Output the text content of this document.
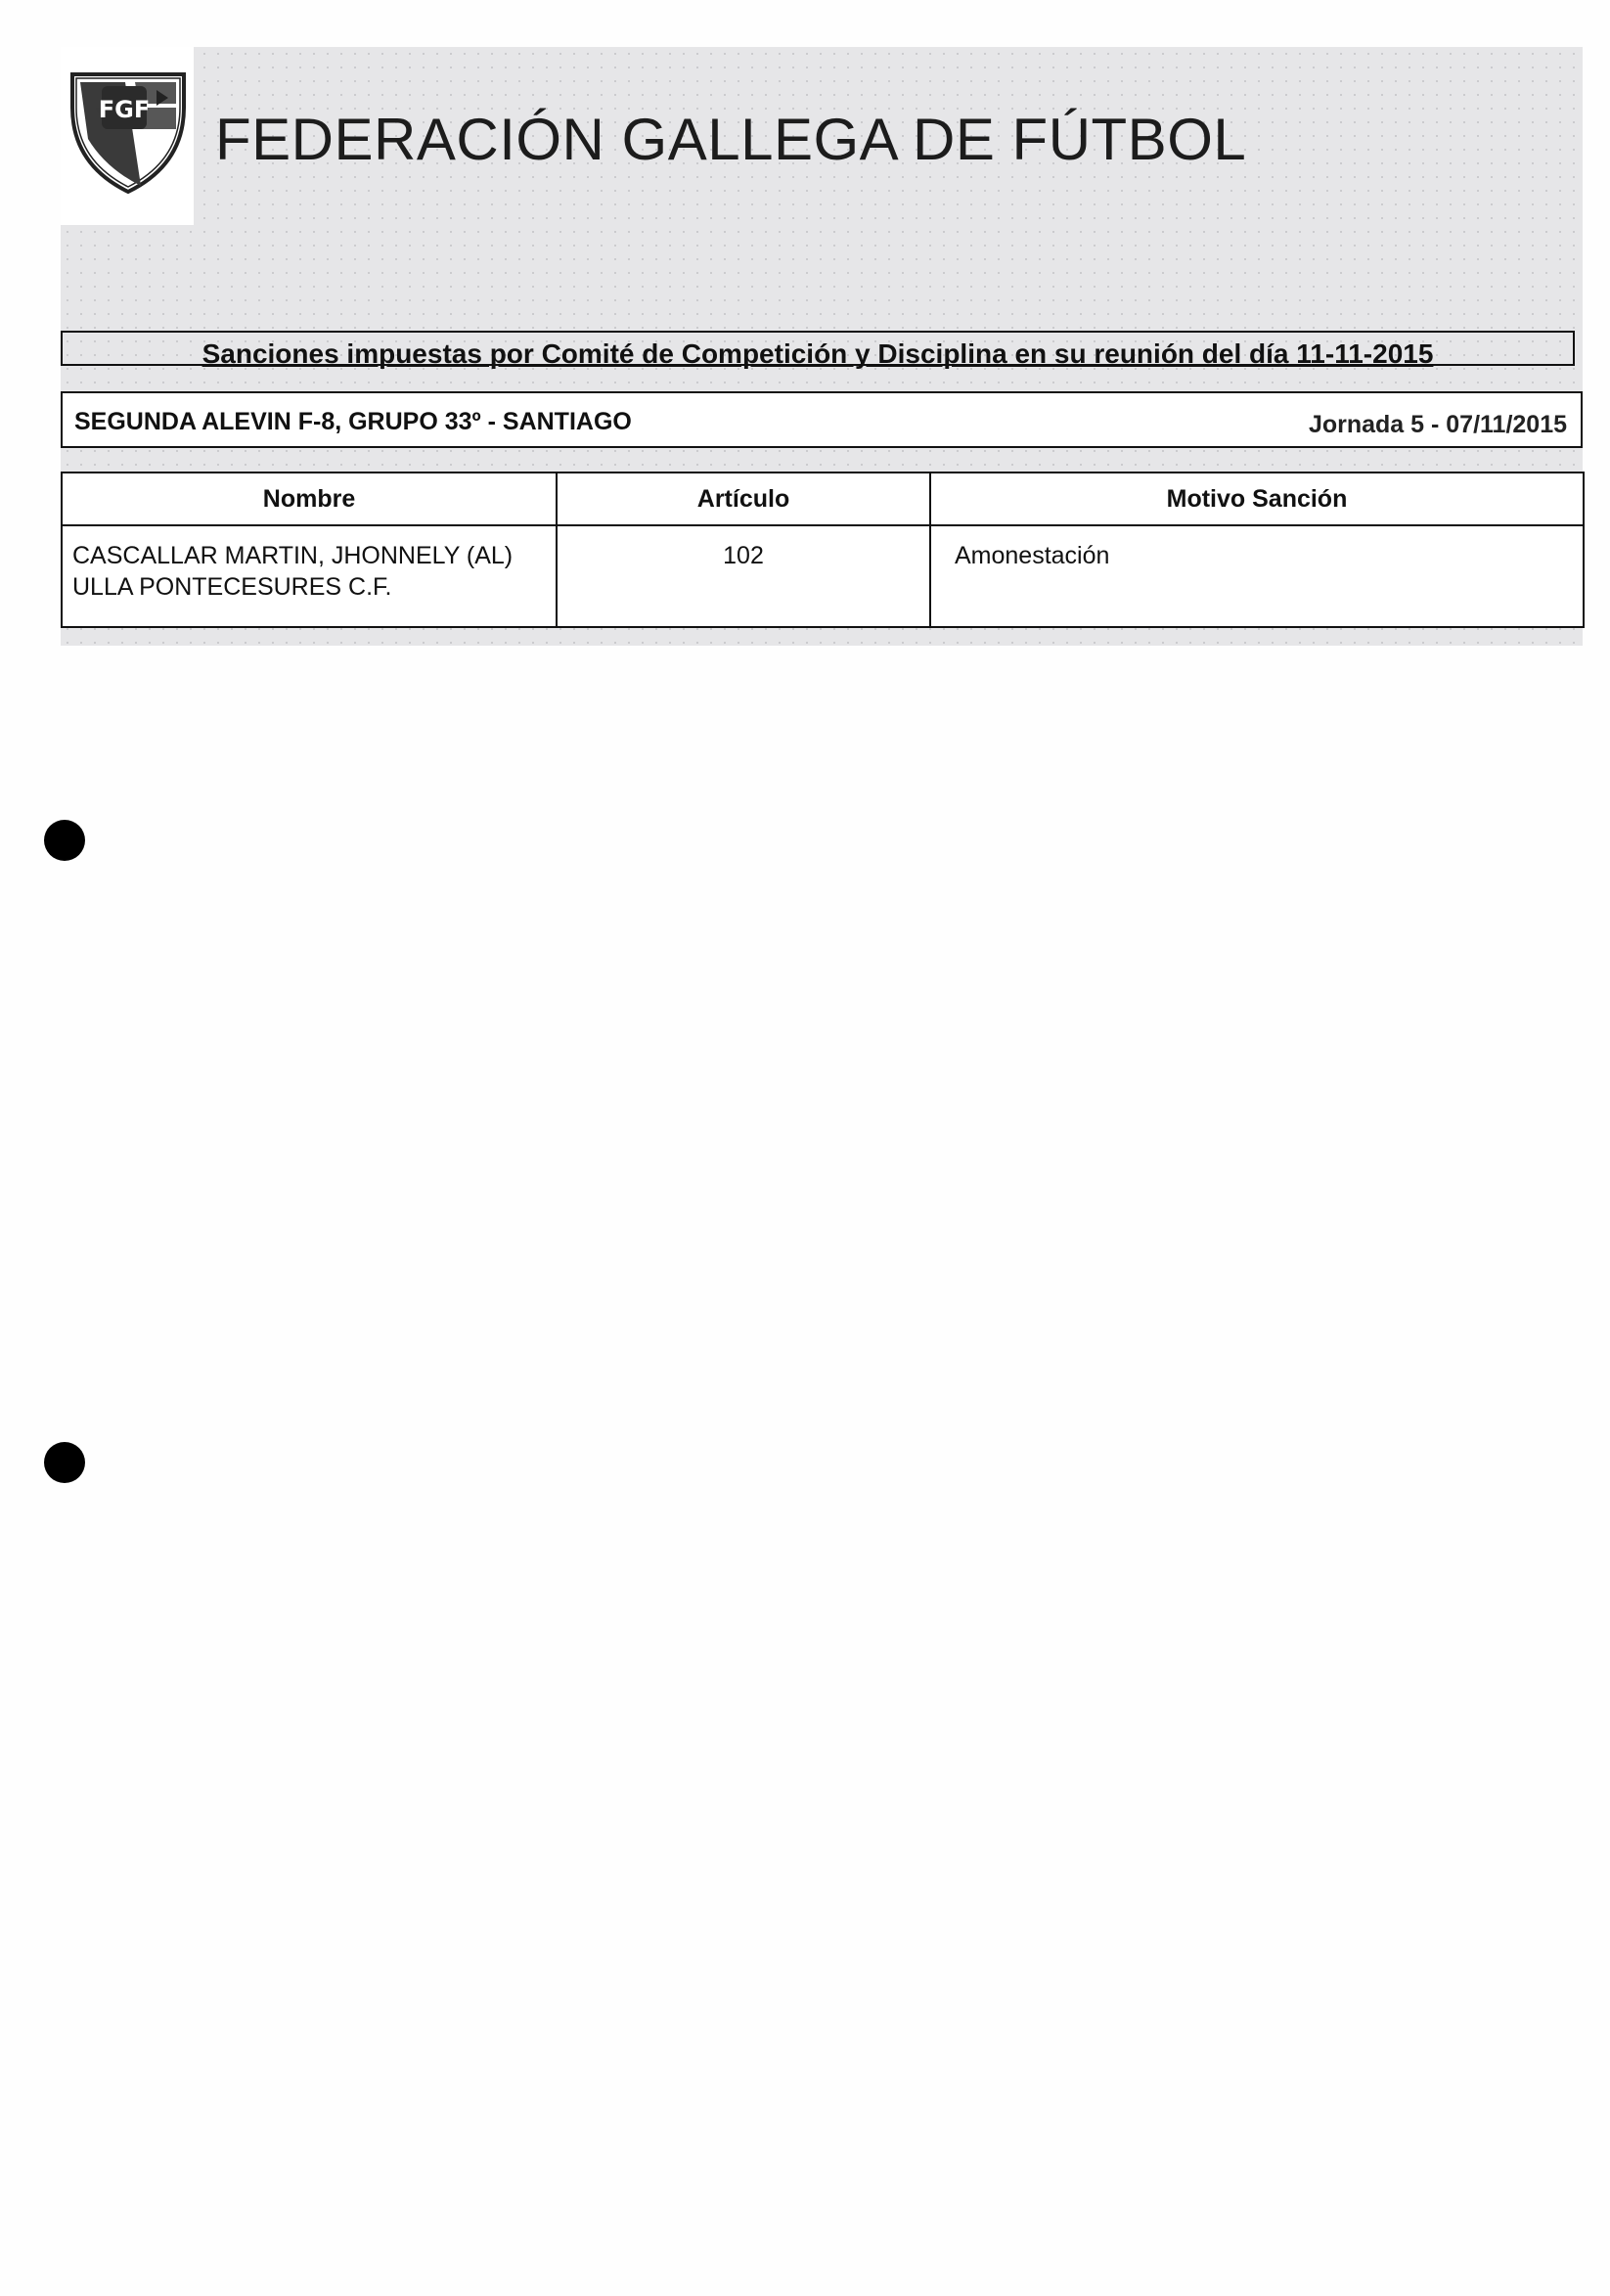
FGF FEDERACIÓN GALLEGA DE FÚTBOL
Sanciones impuestas por Comité de Competición y Disciplina en su reunión del día 11-11-2015
SEGUNDA ALEVIN F-8, GRUPO 33º - SANTIAGO	Jornada 5 - 07/11/2015
Nombre	Artículo	Motivo Sanción

CASCALLAR MARTIN, JHONNELY (AL)
ULLA PONTECESURES C.F.	102	Amonestación
